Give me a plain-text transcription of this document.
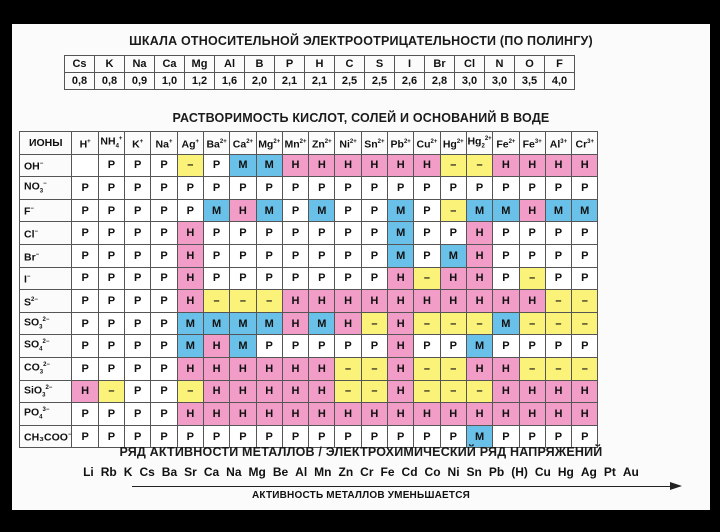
ШКАЛА ОТНОСИТЕЛЬНОЙ ЭЛЕКТРООТРИЦАТЕЛЬНОСТИ (ПО ПОЛИНГУ)
Cs	K	Na	Ca	Mg	Al	B	P	H	C	S	I	Br	Cl	N	O	F
0,8	0,8	0,9	1,0	1,2	1,6	2,0	2,1	2,1	2,5	2,5	2,6	2,8	3,0	3,0	3,5	4,0
РАСТВОРИМОСТЬ КИСЛОТ, СОЛЕЙ И ОСНОВАНИЙ В ВОДЕ
ИОНЫ	H+	$NH_4^+$	K+	Na+	Ag+	$Ba^{2+}$	$Ca^{2+}$	$Mg^{2+}$	$Mn^{2+}$	$Zn^{2+}$	$Ni^{2+}$	$Sn^{2+}$	$Pb^{2+}$	$Cu^{2+}$	$Hg^{2+}$	$Hg_2^{2+}$	$Fe^{2+}$	$Fe^{3+}$	$Al^{3+}$	$Cr^{3+}$
OH−		Р	Р	Р	–	Р	М	М	Н	Н	Н	Н	Н	Н	–	–	Н	Н	Н	Н
$NO_3^-$	Р	Р	Р	Р	Р	Р	Р	Р	Р	Р	Р	Р	Р	Р	Р	Р	Р	Р	Р	Р
F−	Р	Р	Р	Р	Р	М	Н	М	Р	М	Р	Р	М	Р	–	М	М	Н	М	М
Cl−	Р	Р	Р	Р	Н	Р	Р	Р	Р	Р	Р	Р	М	Р	Р	Н	Р	Р	Р	Р
Br−	Р	Р	Р	Р	Н	Р	Р	Р	Р	Р	Р	Р	М	Р	М	Н	Р	Р	Р	Р
I−	Р	Р	Р	Р	Н	Р	Р	Р	Р	Р	Р	Р	Н	–	Н	Н	Р	–	Р	Р
$S^{2-}$	Р	Р	Р	Р	Н	–	–	–	Н	Н	Н	Н	Н	Н	Н	Н	Н	Н	–	–
$SO_3^{2-}$	Р	Р	Р	Р	М	М	М	М	Н	М	Н	–	Н	–	–	–	М	–	–	–
$SO_4^{2-}$	Р	Р	Р	Р	М	Н	М	Р	Р	Р	Р	Р	Н	Р	Р	М	Р	Р	Р	Р
$CO_3^{2-}$	Р	Р	Р	Р	Н	Н	Н	Н	Н	Н	–	–	Н	–	–	Н	Н	–	–	–
SiO$_3^{2-}$	Н	–	Р	Р	–	Н	Н	Н	Н	Н	–	–	Н	–	–	–	Н	Н	Н	Н
$PO_4^{3-}$	Р	Р	Р	Р	Н	Н	Н	Н	Н	Н	Н	Н	Н	Н	Н	Н	Н	Н	Н	Н
CH₃COO−	Р	Р	Р	Р	Р	Р	Р	Р	Р	Р	Р	Р	Р	Р	Р	М	Р	Р	Р	Р
РЯД АКТИВНОСТИ МЕТАЛЛОВ / ЭЛЕКТРОХИМИЧЕСКИЙ РЯД НАПРЯЖЕНИЙ
Li Rb K Cs Ba Sr Ca Na Mg Be Al Mn Zn Cr Fe Cd Co Ni Sn Pb (H) Cu Hg Ag Pt Au
АКТИВНОСТЬ МЕТАЛЛОВ УМЕНЬШАЕТСЯ
